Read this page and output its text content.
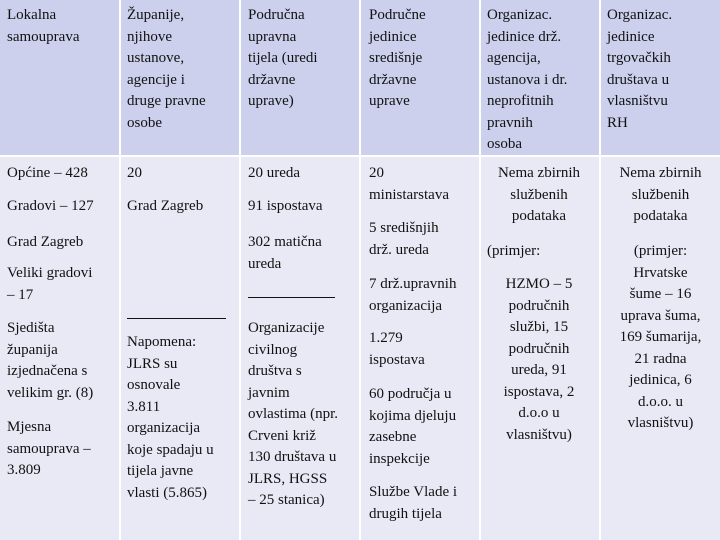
Lokalna
samouprava
Županije,
njihove
ustanove,
agencije i
druge pravne
osobe
Područna
upravna
tijela (uredi
državne
uprave)
Područne
jedinice
središnje
državne
uprave
Organizac.
jedinice drž.
agencija,
ustanova i dr.
neprofitnih
pravnih
osoba
Organizac.
jedinice
trgovačkih
društava u
vlasništvu
RH
Općine – 428
Gradovi – 127
Grad Zagreb
Veliki gradovi
– 17
Sjedišta
županija
izjednačena s
velikim gr. (8)
Mjesna
samouprava –
3.809
20
Grad Zagreb
Napomena:
JLRS su
osnovale
3.811
organizacija
koje spadaju u
tijela javne
vlasti (5.865)
20 ureda
91 ispostava
302 matična
ureda
Organizacije
civilnog
društva s
javnim
ovlastima (npr.
Crveni križ
130 društava u
JLRS, HGSS
– 25 stanica)
20
ministarstava
5 središnjih
drž. ureda
7 drž.upravnih
organizacija
1.279
ispostava
60 područja u
kojima djeluju
zasebne
inspekcije
Službe Vlade i
drugih tijela
Nema zbirnih
službenih
podataka
(primjer:
HZMO – 5
područnih
službi, 15
područnih
ureda, 91
ispostava, 2
d.o.o u
vlasništvu)
Nema zbirnih
službenih
podataka
(primjer:
Hrvatske
šume – 16
uprava šuma,
169 šumarija,
21 radna
jedinica, 6
d.o.o. u
vlasništvu)
